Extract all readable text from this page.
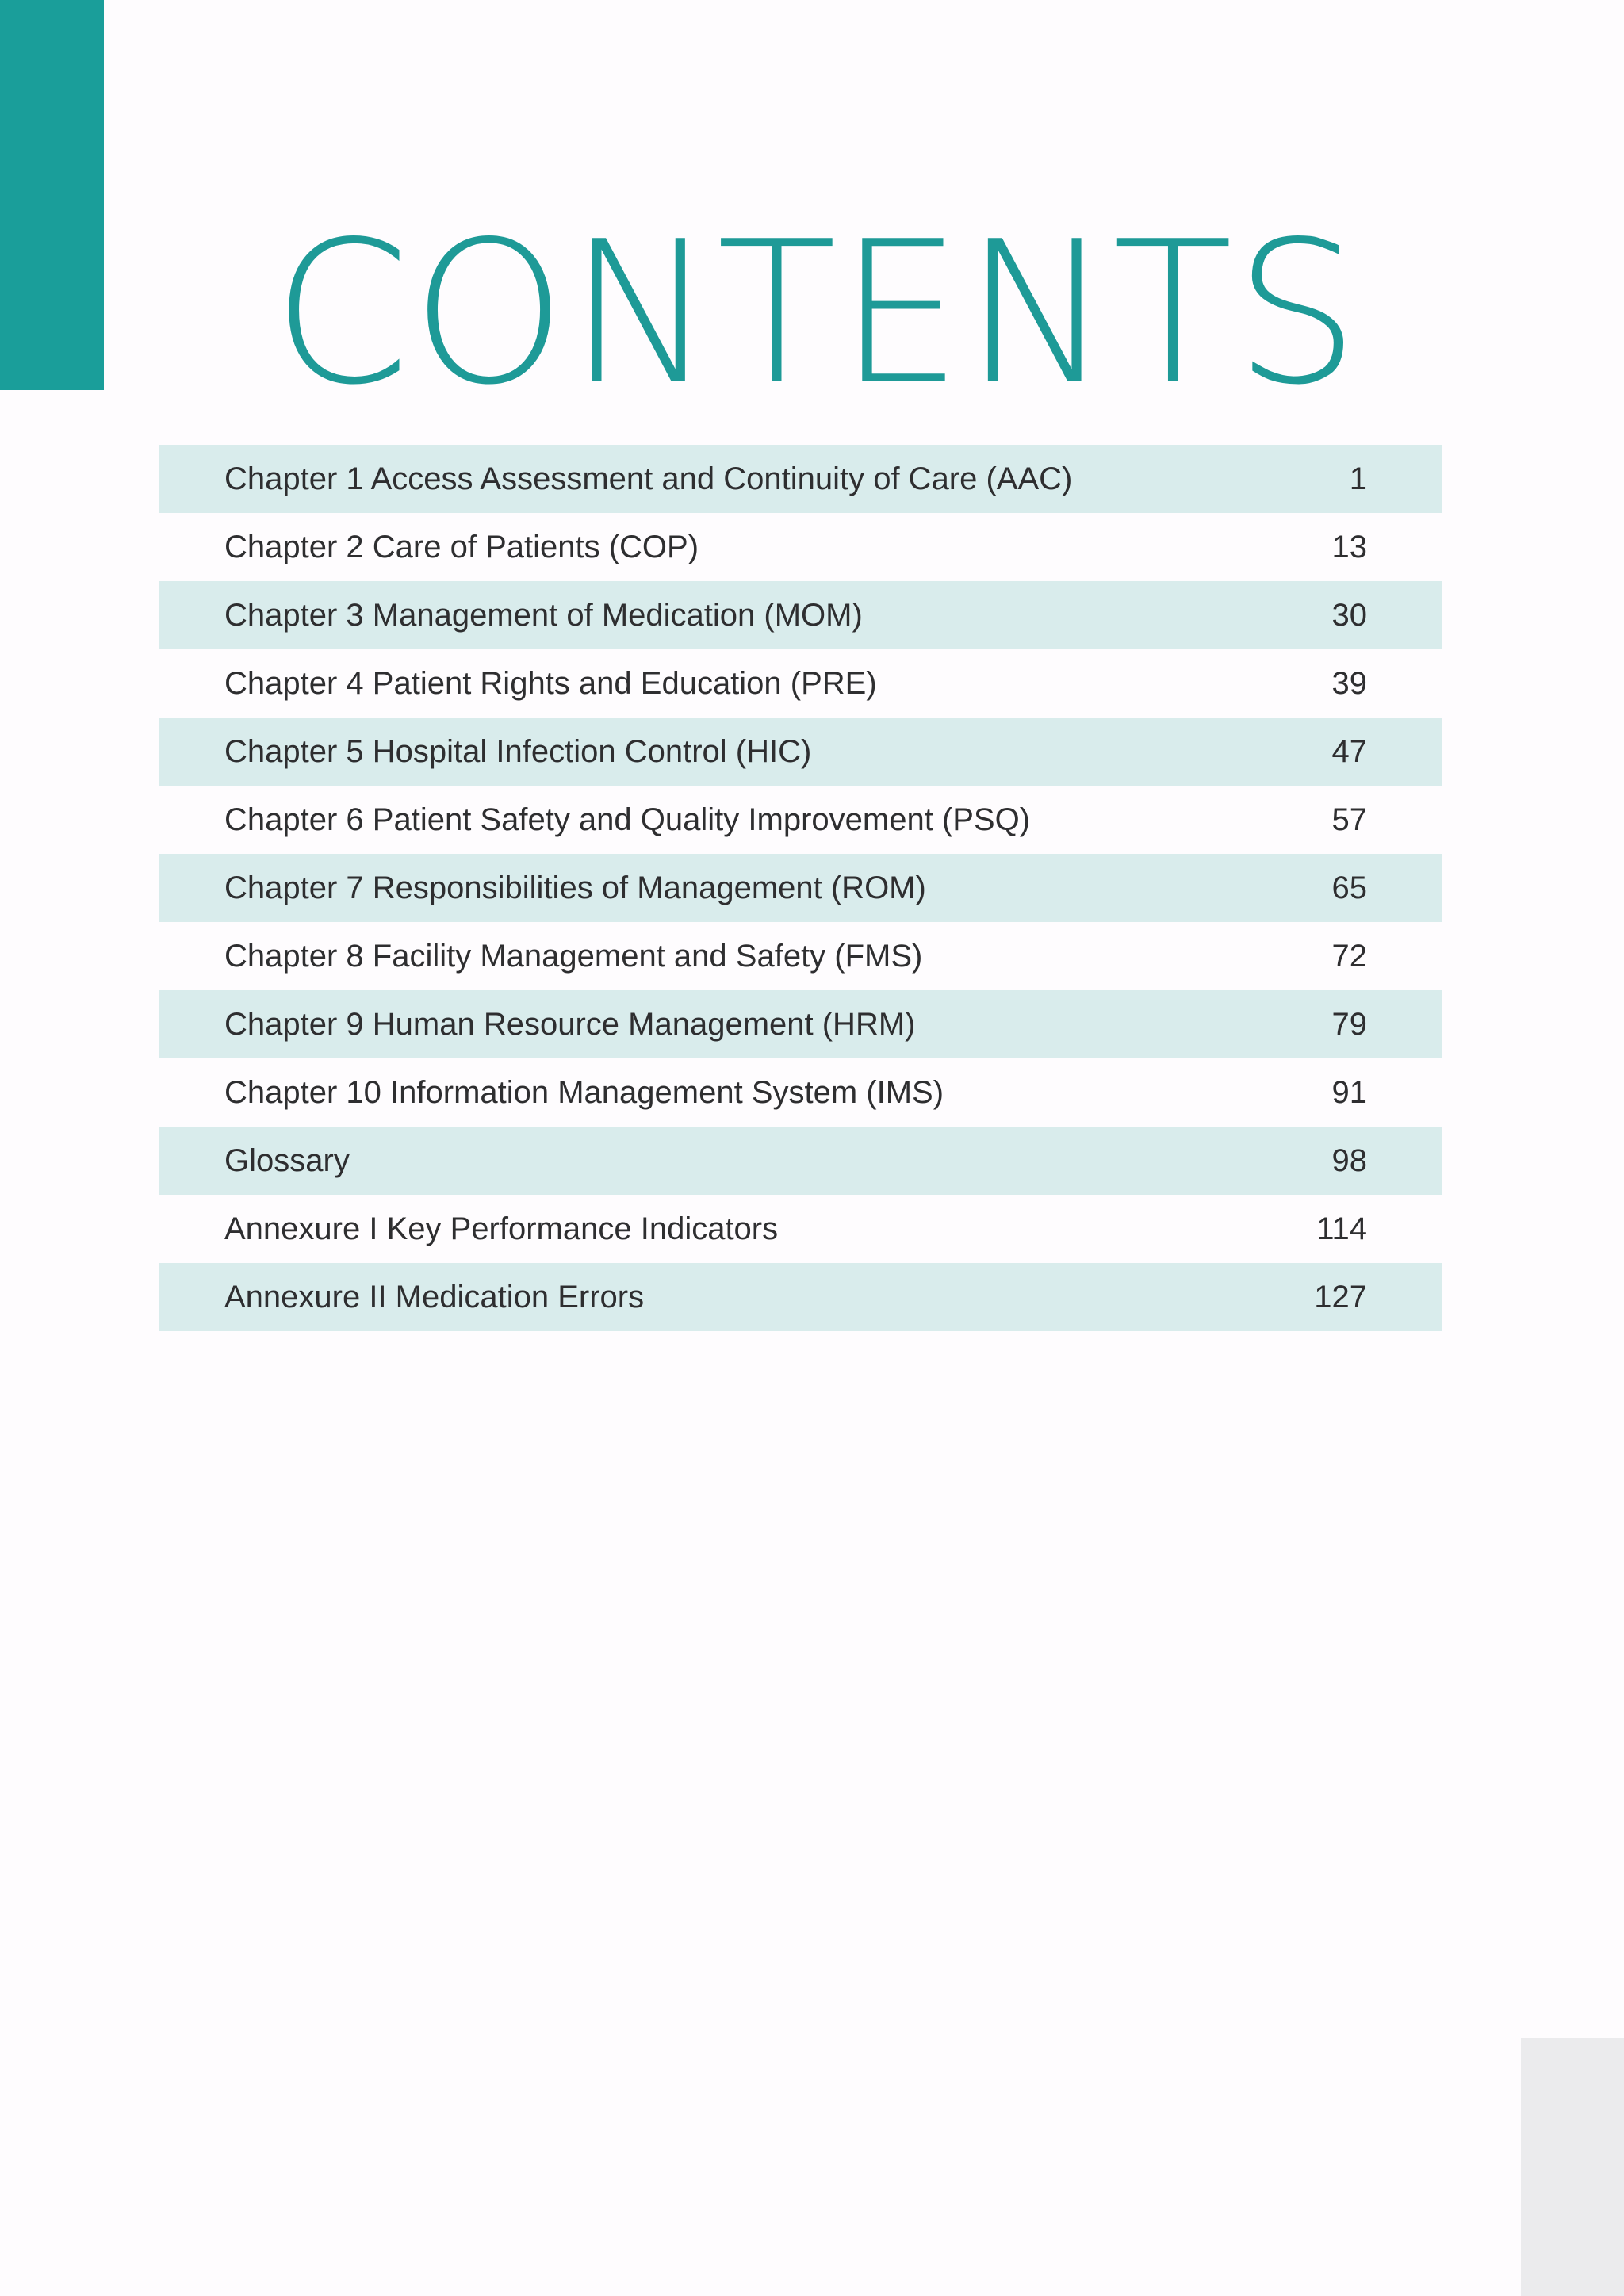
CONTENTS
Chapter 1 Access Assessment and Continuity of Care (AAC)	1
Chapter 2 Care of Patients (COP)	13
Chapter 3 Management of Medication (MOM)	30
Chapter 4 Patient Rights and Education (PRE)	39
Chapter 5 Hospital Infection Control (HIC)	47
Chapter 6 Patient Safety and Quality Improvement (PSQ)	57
Chapter 7 Responsibilities of Management (ROM)	65
Chapter 8 Facility Management and Safety (FMS)	72
Chapter 9 Human Resource Management (HRM)	79
Chapter 10 Information Management System (IMS)	91
Glossary	98
Annexure I Key Performance Indicators	114
Annexure II Medication Errors	127
